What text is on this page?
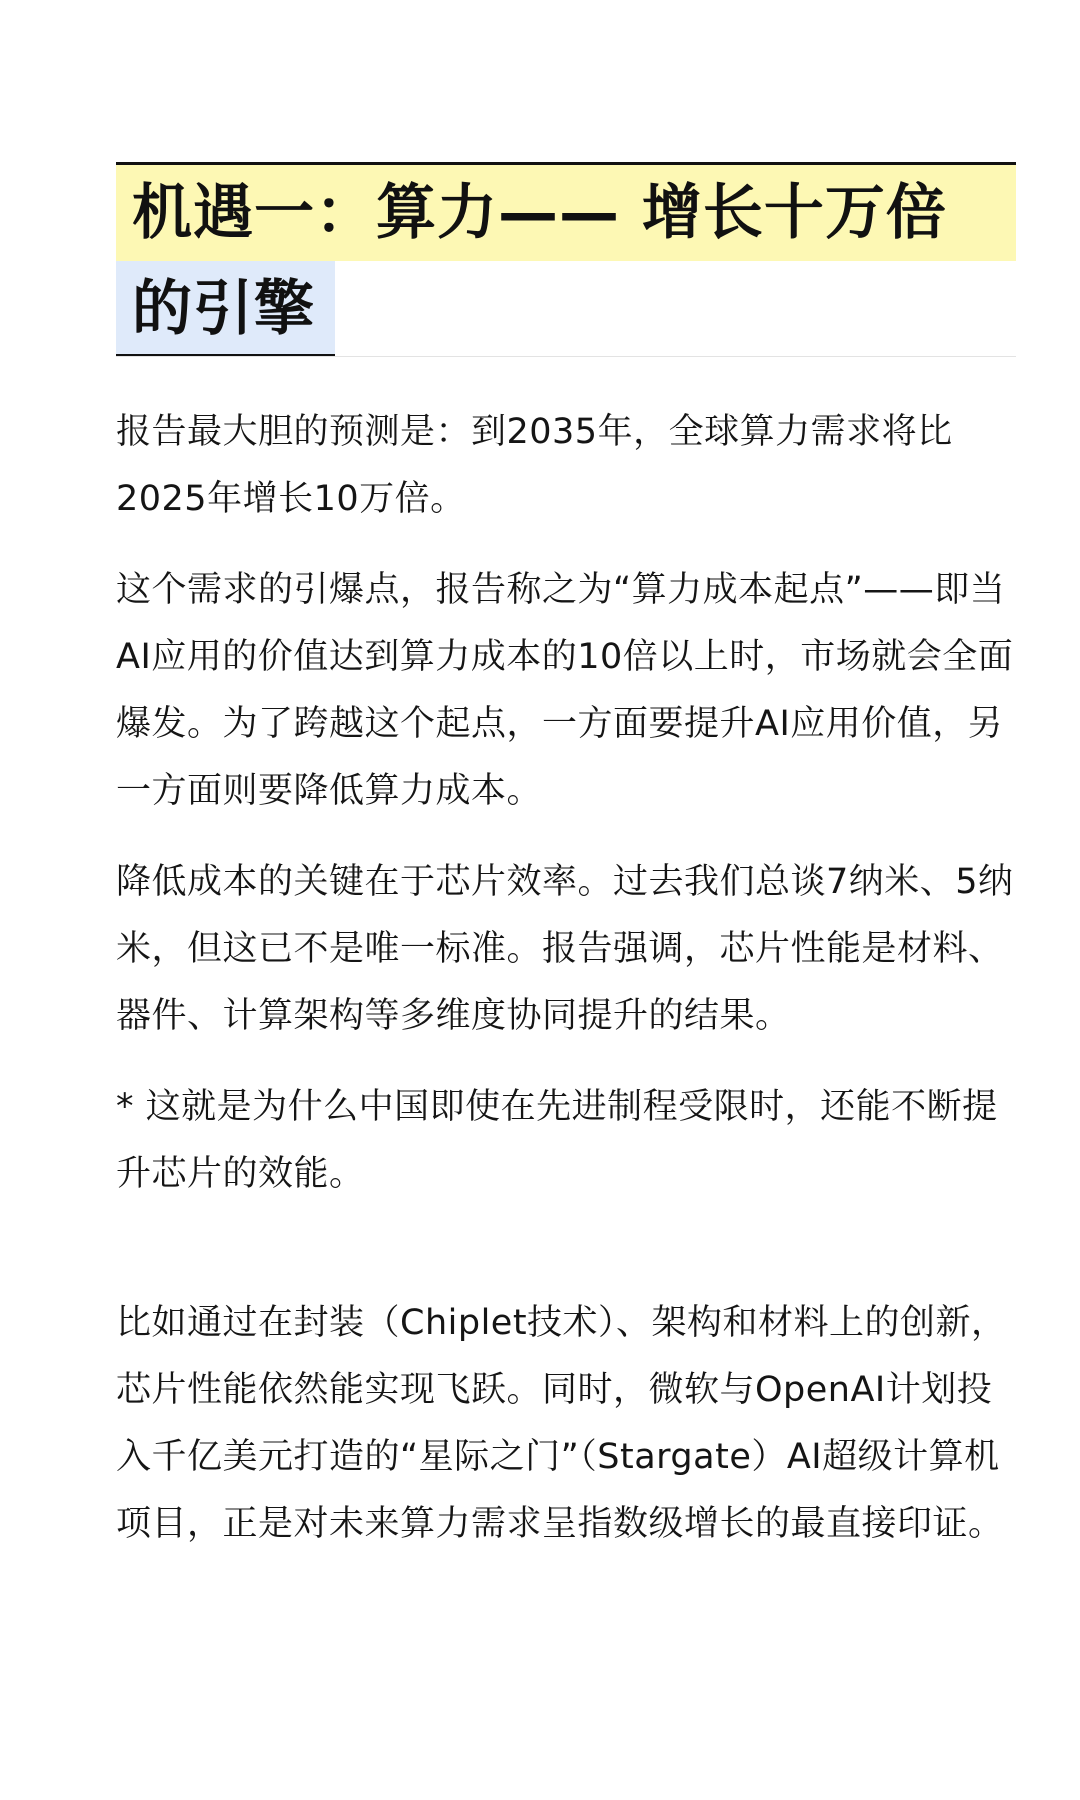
机遇一：算力—— 增长十万倍
的引擎

报告最大胆的预测是：到2035年，全球算力需求将比2025年增长10万倍。

这个需求的引爆点，报告称之为“算力成本起点”——即当AI应用的价值达到算力成本的10倍以上时，市场就会全面爆发。为了跨越这个起点，一方面要提升AI应用价值，另一方面则要降低算力成本。

降低成本的关键在于芯片效率。过去我们总谈7纳米、5纳米，但这已不是唯一标准。报告强调，芯片性能是材料、器件、计算架构等多维度协同提升的结果。

* 这就是为什么中国即使在先进制程受限时，还能不断提升芯片的效能。

比如通过在封装（Chiplet技术）、架构和材料上的创新，芯片性能依然能实现飞跃。同时，微软与OpenAI计划投入千亿美元打造的“星际之门”（Stargate）AI超级计算机项目，正是对未来算力需求呈指数级增长的最直接印证。
